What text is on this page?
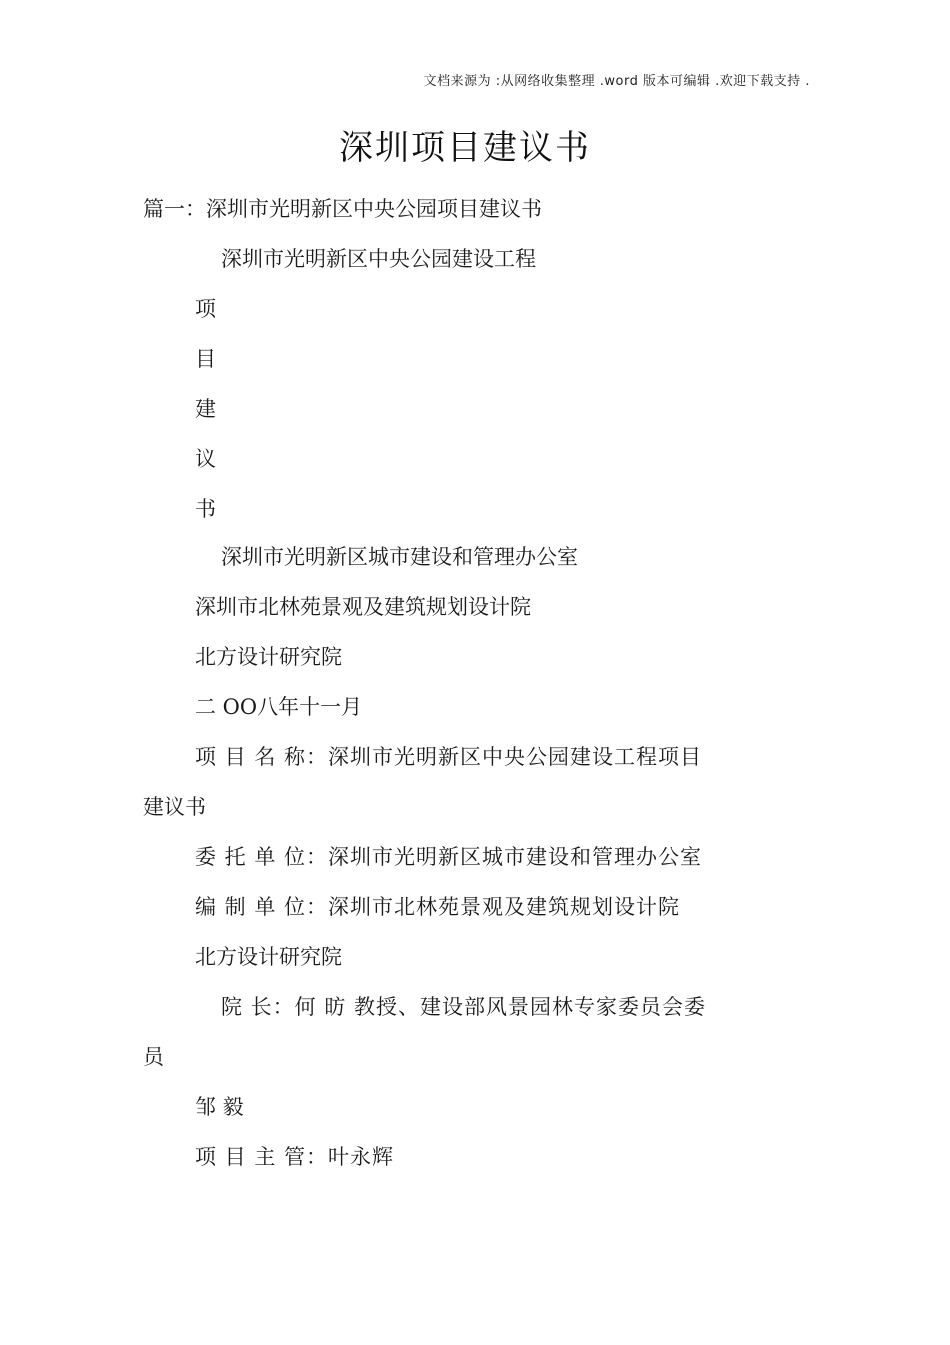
文档来源为 :从网络收集整理 .word 版本可编辑 .欢迎下载支持 .
深圳项目建议书
篇一：深圳市光明新区中央公园项目建议书
深圳市光明新区中央公园建设工程
项
目
建
议
书
深圳市光明新区城市建设和管理办公室
深圳市北林苑景观及建筑规划设计院
北方设计研究院
二 OO八年十一月
项 目 名 称：深圳市光明新区中央公园建设工程项目
建议书
委 托 单 位：深圳市光明新区城市建设和管理办公室
编 制 单 位：深圳市北林苑景观及建筑规划设计院
北方设计研究院
院 长：何 昉 教授、建设部风景园林专家委员会委
员
邹 毅
项 目 主 管：叶永辉
